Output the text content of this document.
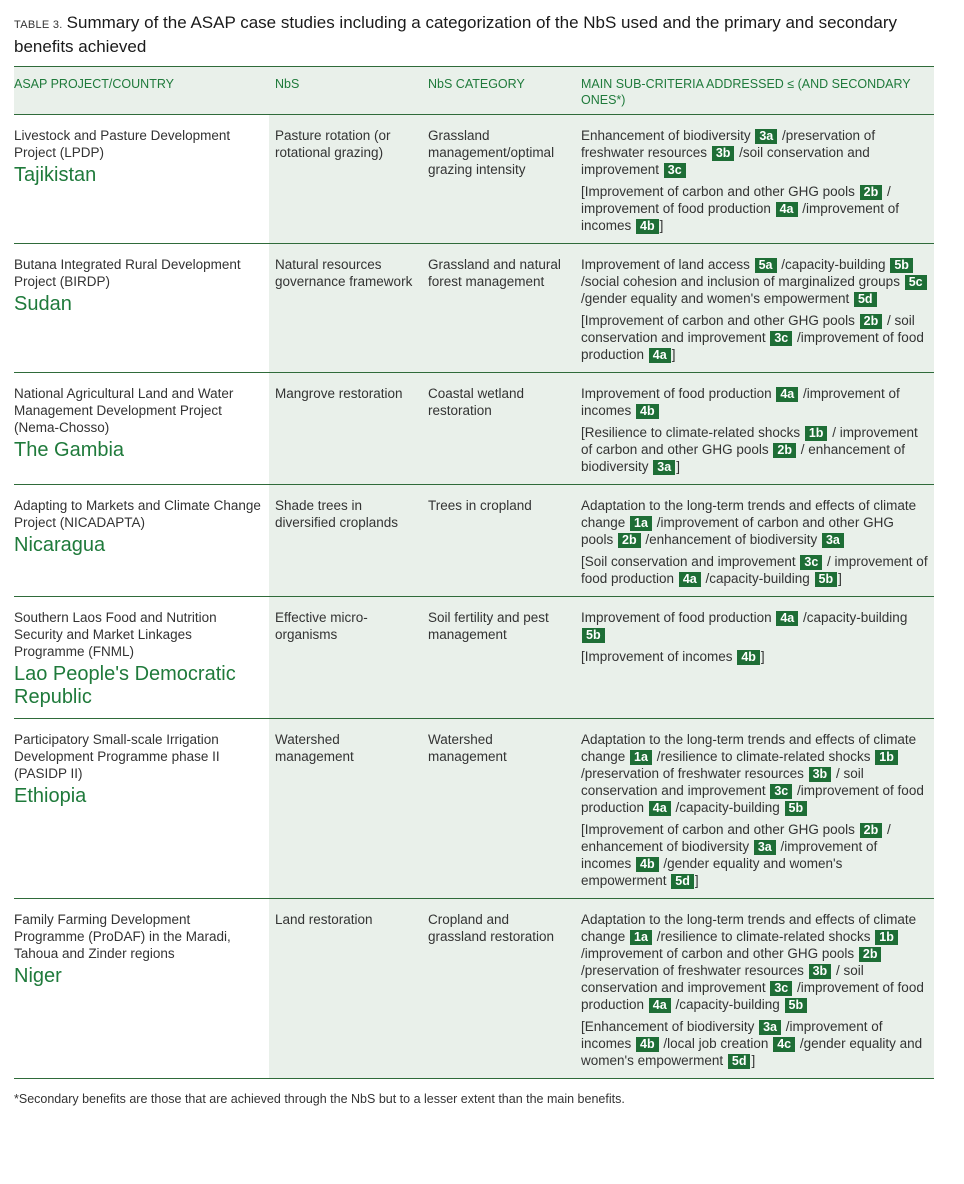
TABLE 3. Summary of the ASAP case studies including a categorization of the NbS used and the primary and secondary benefits achieved
ASAP PROJECT/COUNTRY	NbS	NbS CATEGORY	MAIN SUB-CRITERIA ADDRESSED ≤ (AND SECONDARY ONES*)
Livestock and Pasture Development Project (LPDP)
Tajikistan	Pasture rotation (or rotational grazing)	Grassland management/optimal grazing intensity	Enhancement of biodiversity 3a /preservation of freshwater resources 3b /soil conservation and improvement 3c
[Improvement of carbon and other GHG pools 2b / improvement of food production 4a /improvement of incomes 4b ]

Butana Integrated Rural Development Project (BIRDP)
Sudan	Natural resources governance framework	Grassland and natural forest management	Improvement of land access 5a /capacity-building 5b /social cohesion and inclusion of marginalized groups 5c /gender equality and women's empowerment 5d
[Improvement of carbon and other GHG pools 2b / soil conservation and improvement 3c /improvement of food production 4a ]

National Agricultural Land and Water Management Development Project (Nema-Chosso)
The Gambia	Mangrove restoration	Coastal wetland restoration	Improvement of food production 4a /improvement of incomes 4b
[Resilience to climate-related shocks 1b / improvement of carbon and other GHG pools 2b / enhancement of biodiversity 3a ]

Adapting to Markets and Climate Change Project (NICADAPTA)
Nicaragua	Shade trees in diversified croplands	Trees in cropland	Adaptation to the long-term trends and effects of climate change 1a /improvement of carbon and other GHG pools 2b /enhancement of biodiversity 3a
[Soil conservation and improvement 3c / improvement of food production 4a /capacity-building 5b ]

Southern Laos Food and Nutrition Security and Market Linkages Programme (FNML)
Lao People's Democratic Republic	Effective micro-organisms	Soil fertility and pest management	Improvement of food production 4a /capacity-building 5b
[Improvement of incomes 4b ]

Participatory Small-scale Irrigation Development Programme phase II (PASIDP II)
Ethiopia	Watershed management	Watershed management	Adaptation to the long-term trends and effects of climate change 1a /resilience to climate-related shocks 1b /preservation of freshwater resources 3b / soil conservation and improvement 3c /improvement of food production 4a /capacity-building 5b
[Improvement of carbon and other GHG pools 2b / enhancement of biodiversity 3a /improvement of incomes 4b /gender equality and women's empowerment 5d ]

Family Farming Development Programme (ProDAF) in the Maradi, Tahoua and Zinder regions
Niger	Land restoration	Cropland and grassland restoration	Adaptation to the long-term trends and effects of climate change 1a /resilience to climate-related shocks 1b /improvement of carbon and other GHG pools 2b /preservation of freshwater resources 3b / soil conservation and improvement 3c /improvement of food production 4a /capacity-building 5b
[Enhancement of biodiversity 3a /improvement of incomes 4b /local job creation 4c /gender equality and women's empowerment 5d ]
*Secondary benefits are those that are achieved through the NbS but to a lesser extent than the main benefits.
